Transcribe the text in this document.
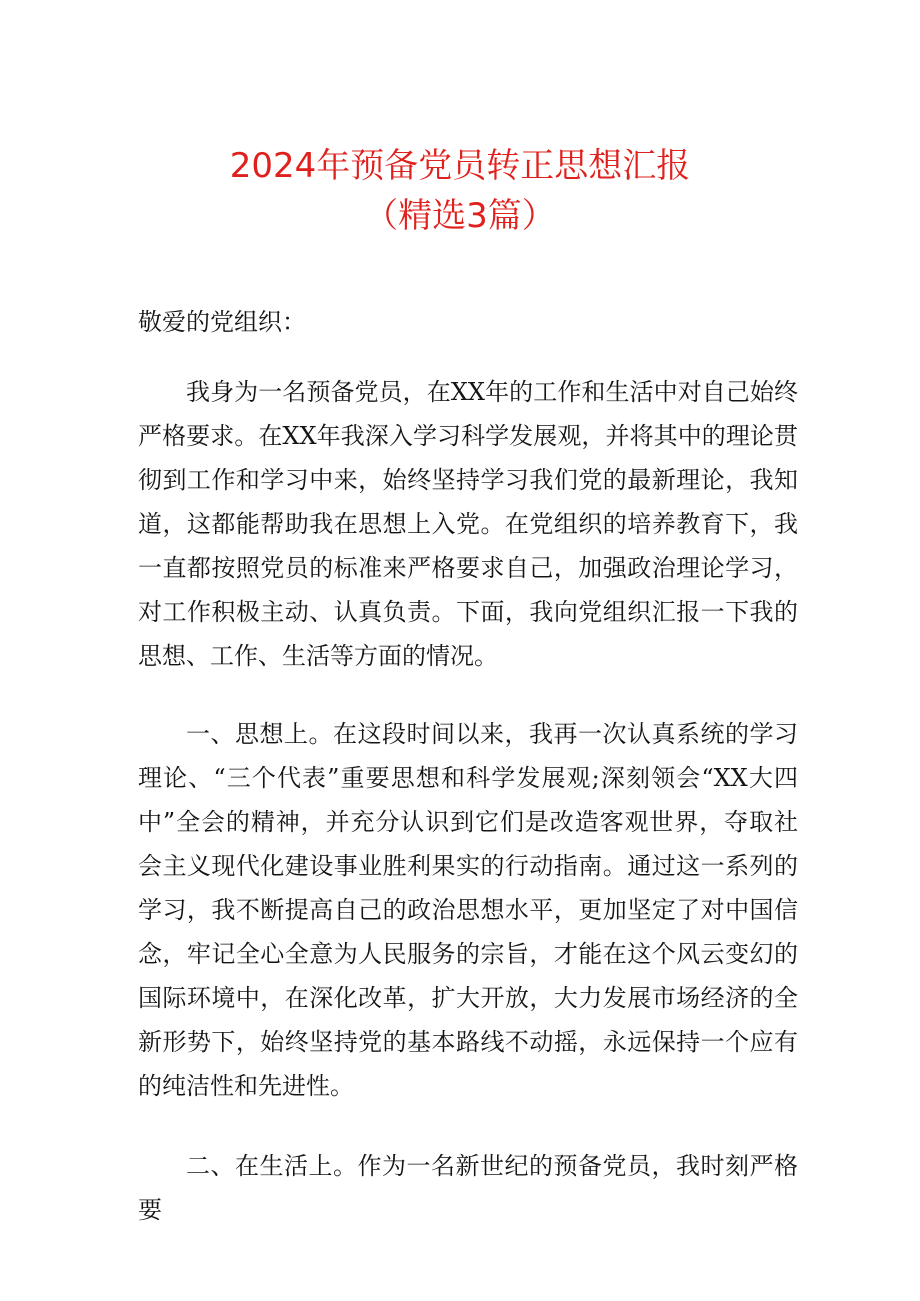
2024年预备党员转正思想汇报
（精选3篇）
敬爱的党组织：
我身为一名预备党员，在XX年的工作和生活中对自己始终严格要求。在XX年我深入学习科学发展观，并将其中的理论贯彻到工作和学习中来，始终坚持学习我们党的最新理论，我知道，这都能帮助我在思想上入党。在党组织的培养教育下，我一直都按照党员的标准来严格要求自己，加强政治理论学习，对工作积极主动、认真负责。下面，我向党组织汇报一下我的思想、工作、生活等方面的情况。
一、思想上。在这段时间以来，我再一次认真系统的学习理论、“三个代表”重要思想和科学发展观;深刻领会“XX大四中”全会的精神，并充分认识到它们是改造客观世界，夺取社会主义现代化建设事业胜利果实的行动指南。通过这一系列的学习，我不断提高自己的政治思想水平，更加坚定了对中国信念，牢记全心全意为人民服务的宗旨，才能在这个风云变幻的国际环境中，在深化改革，扩大开放，大力发展市场经济的全新形势下，始终坚持党的基本路线不动摇，永远保持一个应有的纯洁性和先进性。
二、在生活上。作为一名新世纪的预备党员，我时刻严格要
